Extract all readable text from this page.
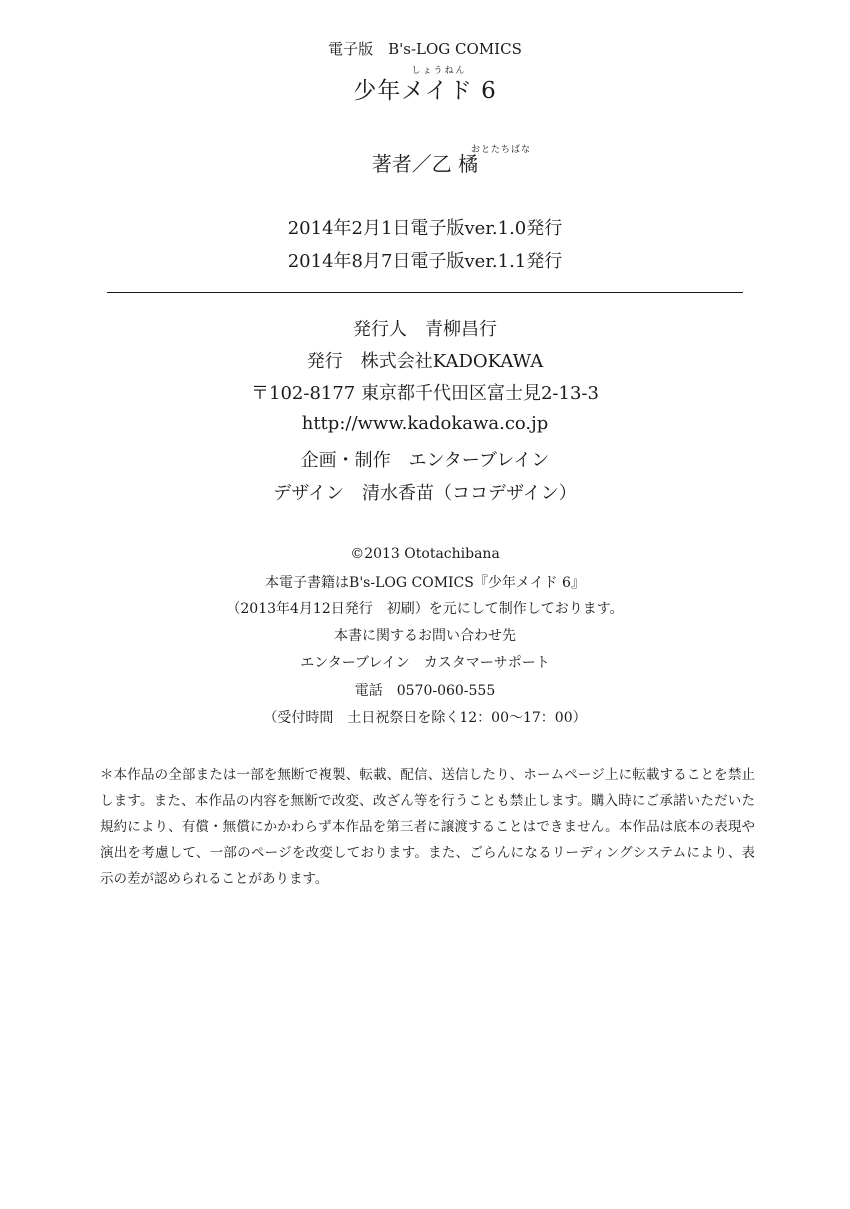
電子版　B's-LOG COMICS
しょうねん
少年メイド 6
おとたちばな
著者／乙 橘
2014年2月1日電子版ver.1.0発行
2014年8月7日電子版ver.1.1発行
発行人　青柳昌行
発行　株式会社KADOKAWA
〒102-8177 東京都千代田区富士見2-13-3
http://www.kadokawa.co.jp
企画・制作　エンターブレイン
デザイン　清水香苗（ココデザイン）
©2013 Ototachibana
本電子書籍はB's-LOG COMICS『少年メイド 6』
（2013年4月12日発行　初刷）を元にして制作しております。
本書に関するお問い合わせ先
エンターブレイン　カスタマーサポート
電話　0570-060-555
（受付時間　土日祝祭日を除く12：00〜17：00）
＊本作品の全部または一部を無断で複製、転載、配信、送信したり、ホームページ上に転載することを禁止します。また、本作品の内容を無断で改変、改ざん等を行うことも禁止します。購入時にご承諾いただいた規約により、有償・無償にかかわらず本作品を第三者に譲渡することはできません。本作品は底本の表現や演出を考慮して、一部のページを改変しております。また、ごらんになるリーディングシステムにより、表示の差が認められることがあります。
